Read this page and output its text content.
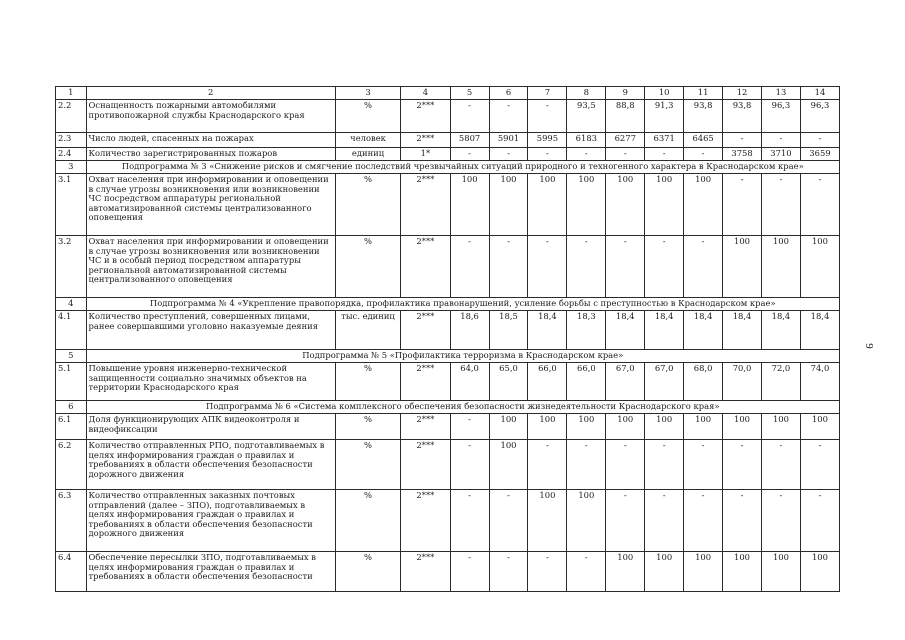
1	2	3	4	5	6	7	8	9	10	11	12	13	14
2.2	Оснащенность пожарными автомобилями противопожарной службы Краснодарского края	%	2***	-	-	-	93,5	88,8	91,3	93,8	93,8	96,3	96,3
2.3	Число людей, спасенных на пожарах	человек	2***	5807	5901	5995	6183	6277	6371	6465	-	-	-
2.4	Количество зарегистрированных пожаров	единиц	1*	-	-	-	-	-	-	-	3758	3710	3659
3	Подпрограмма № 3 «Снижение рисков и смягчение последствий чрезвычайных ситуаций природного и техногенного характера в Краснодарском крае»												
3.1	Охват населения при информировании и оповещении в случае угрозы возникновения или возникновении ЧС посредством аппаратуры региональной автоматизированной системы централизованного оповещения	%	2***	100	100	100	100	100	100	100	-	-	-
3.2	Охват населения при информировании и оповещении в случае угрозы возникновения или возникновении ЧС и в особый период посредством аппаратуры региональной автоматизированной системы централизованного оповещения	%	2***	-	-	-	-	-	-	-	100	100	100
4	Подпрограмма № 4 «Укрепление правопорядка, профилактика правонарушений, усиление борьбы с преступностью в Краснодарском крае»												
4.1	Количество преступлений, совершенных лицами, ранее совершавшими уголовно наказуемые деяния	тыс. единиц	2***	18,6	18,5	18,4	18,3	18,4	18,4	18,4	18,4	18,4	18,4
5	Подпрограмма № 5 «Профилактика терроризма в Краснодарском крае»												
5.1	Повышение уровня инженерно-технической защищенности социально значимых объектов на территории Краснодарского края	%	2***	64,0	65,0	66,0	66,0	67,0	67,0	68,0	70,0	72,0	74,0
6	Подпрограмма № 6 «Система комплексного обеспечения безопасности жизнедеятельности Краснодарского края»												
6.1	Доля функционирующих АПК видеоконтроля и видеофиксации	%	2***	-	100	100	100	100	100	100	100	100	100
6.2	Количество отправленных РПО, подготавливаемых в целях информирования граждан о правилах и требованиях в области обеспечения безопасности дорожного движения	%	2***	-	100	-	-	-	-	-	-	-	-
6.3	Количество отправленных заказных почтовых отправлений (далее – ЗПО), подготавливаемых в целях информирования граждан о правилах и требованиях в области обеспечения безопасности дорожного движения	%	2***	-	-	100	100	-	-	-	-	-	-
6.4	Обеспечение пересылки ЗПО, подготавливаемых в целях информирования граждан о правилах и требованиях в области обеспечения безопасности	%	2***	-	-	-	-	100	100	100	100	100	100
9
